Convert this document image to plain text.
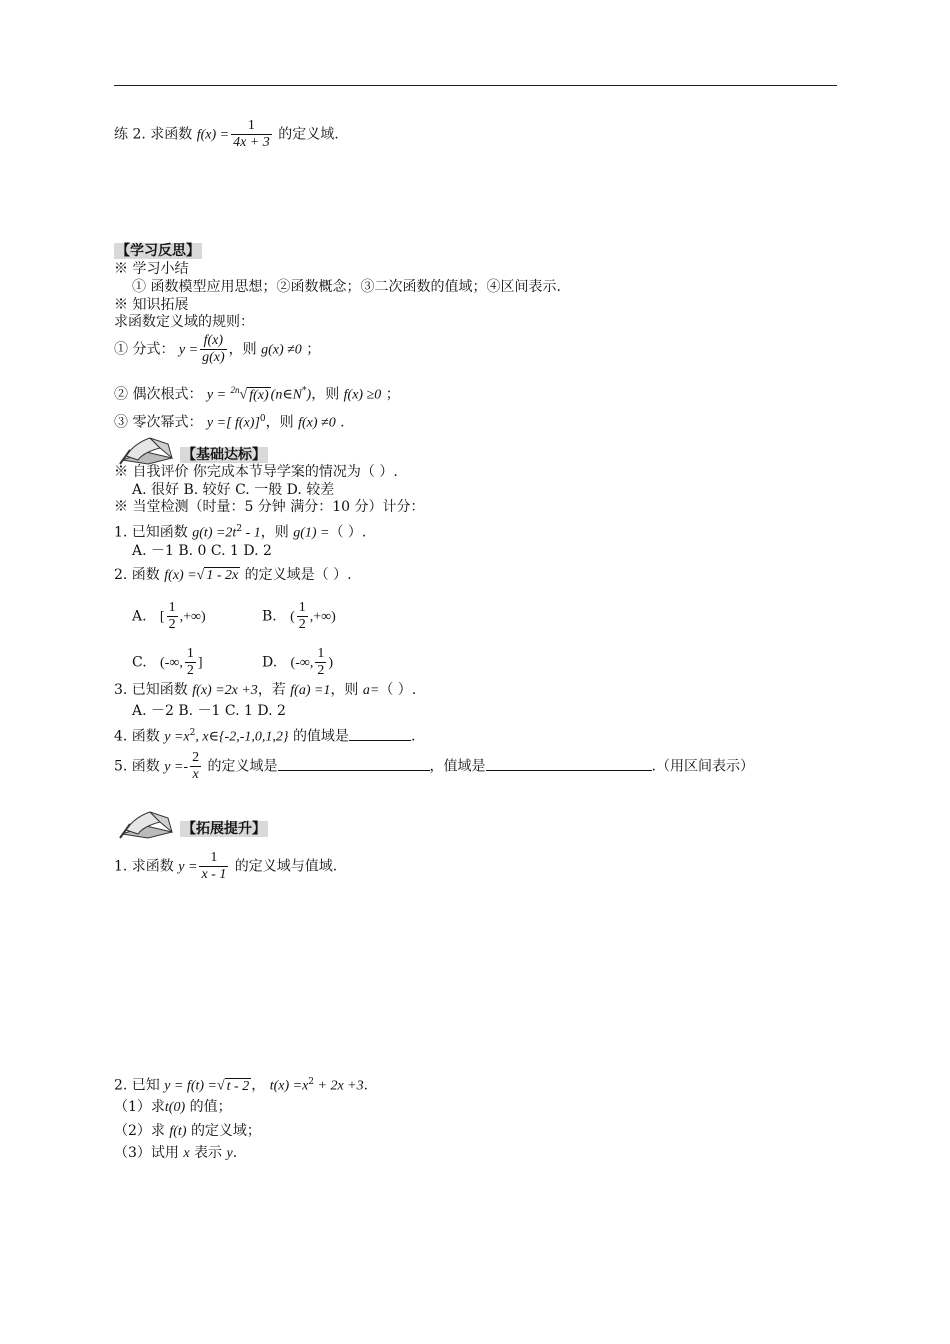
练 2. 求函数 $f(x) = \frac{1}{4x + 3}$ 的定义域.
【学习反思】
※ 学习小结
① 函数模型应用思想；②函数概念；③二次函数的值域；④区间表示.
※ 知识拓展
求函数定义域的规则：
① 分式： $y = \frac{f(x)}{g(x)}$ ，则 g(x) ≠0 ；
② 偶次根式： y = $^{2n}$√ f(x) (n∈N*)，则 f(x) ≥0 ；
③ 零次幂式： y =[ f(x)]$^0$，则 f(x) ≠0 .
【基础达标】
※ 自我评价 你完成本节导学案的情况为（ ）.
A. 很好 B. 较好 C. 一般 D. 较差
※ 当堂检测（时量：5 分钟 满分：10 分）计分：
1. 已知函数 $g(t) =2t^2 - 1$，则 g(1) =（ ）.
A. －1 B. 0 C. 1 D. 2
2. 函数 f(x) =√ 1 - 2x 的定义域是（ ）.
A. [ $\frac{1}{2}$ ,+∞)	B. ( $\frac{1}{2}$ ,+∞)
C. (-∞, $\frac{1}{2}$ ]	D. (-∞, $\frac{1}{2}$ )
3. 已知函数 f(x) =2x +3，若 f(a) =1，则 a=（ ）.
A. －2 B. －1 C. 1 D. 2
4. 函数 $y =x^2$, x∈{-2,-1,0,1,2} 的值域是	.
5. 函数 $y =- \frac{2}{x}$ 的定义域是	，值域是	.（用区间表示）
【拓展提升】
1. 求函数 $y = \frac{1}{x - 1}$ 的定义域与值域.
2. 已知 y = f(t) =√ t - 2 ， $t(x) =x^2 + 2x +3$.
（1）求t(0) 的值；
（2）求 f(t) 的定义域；
（3）试用 x 表示 y.
